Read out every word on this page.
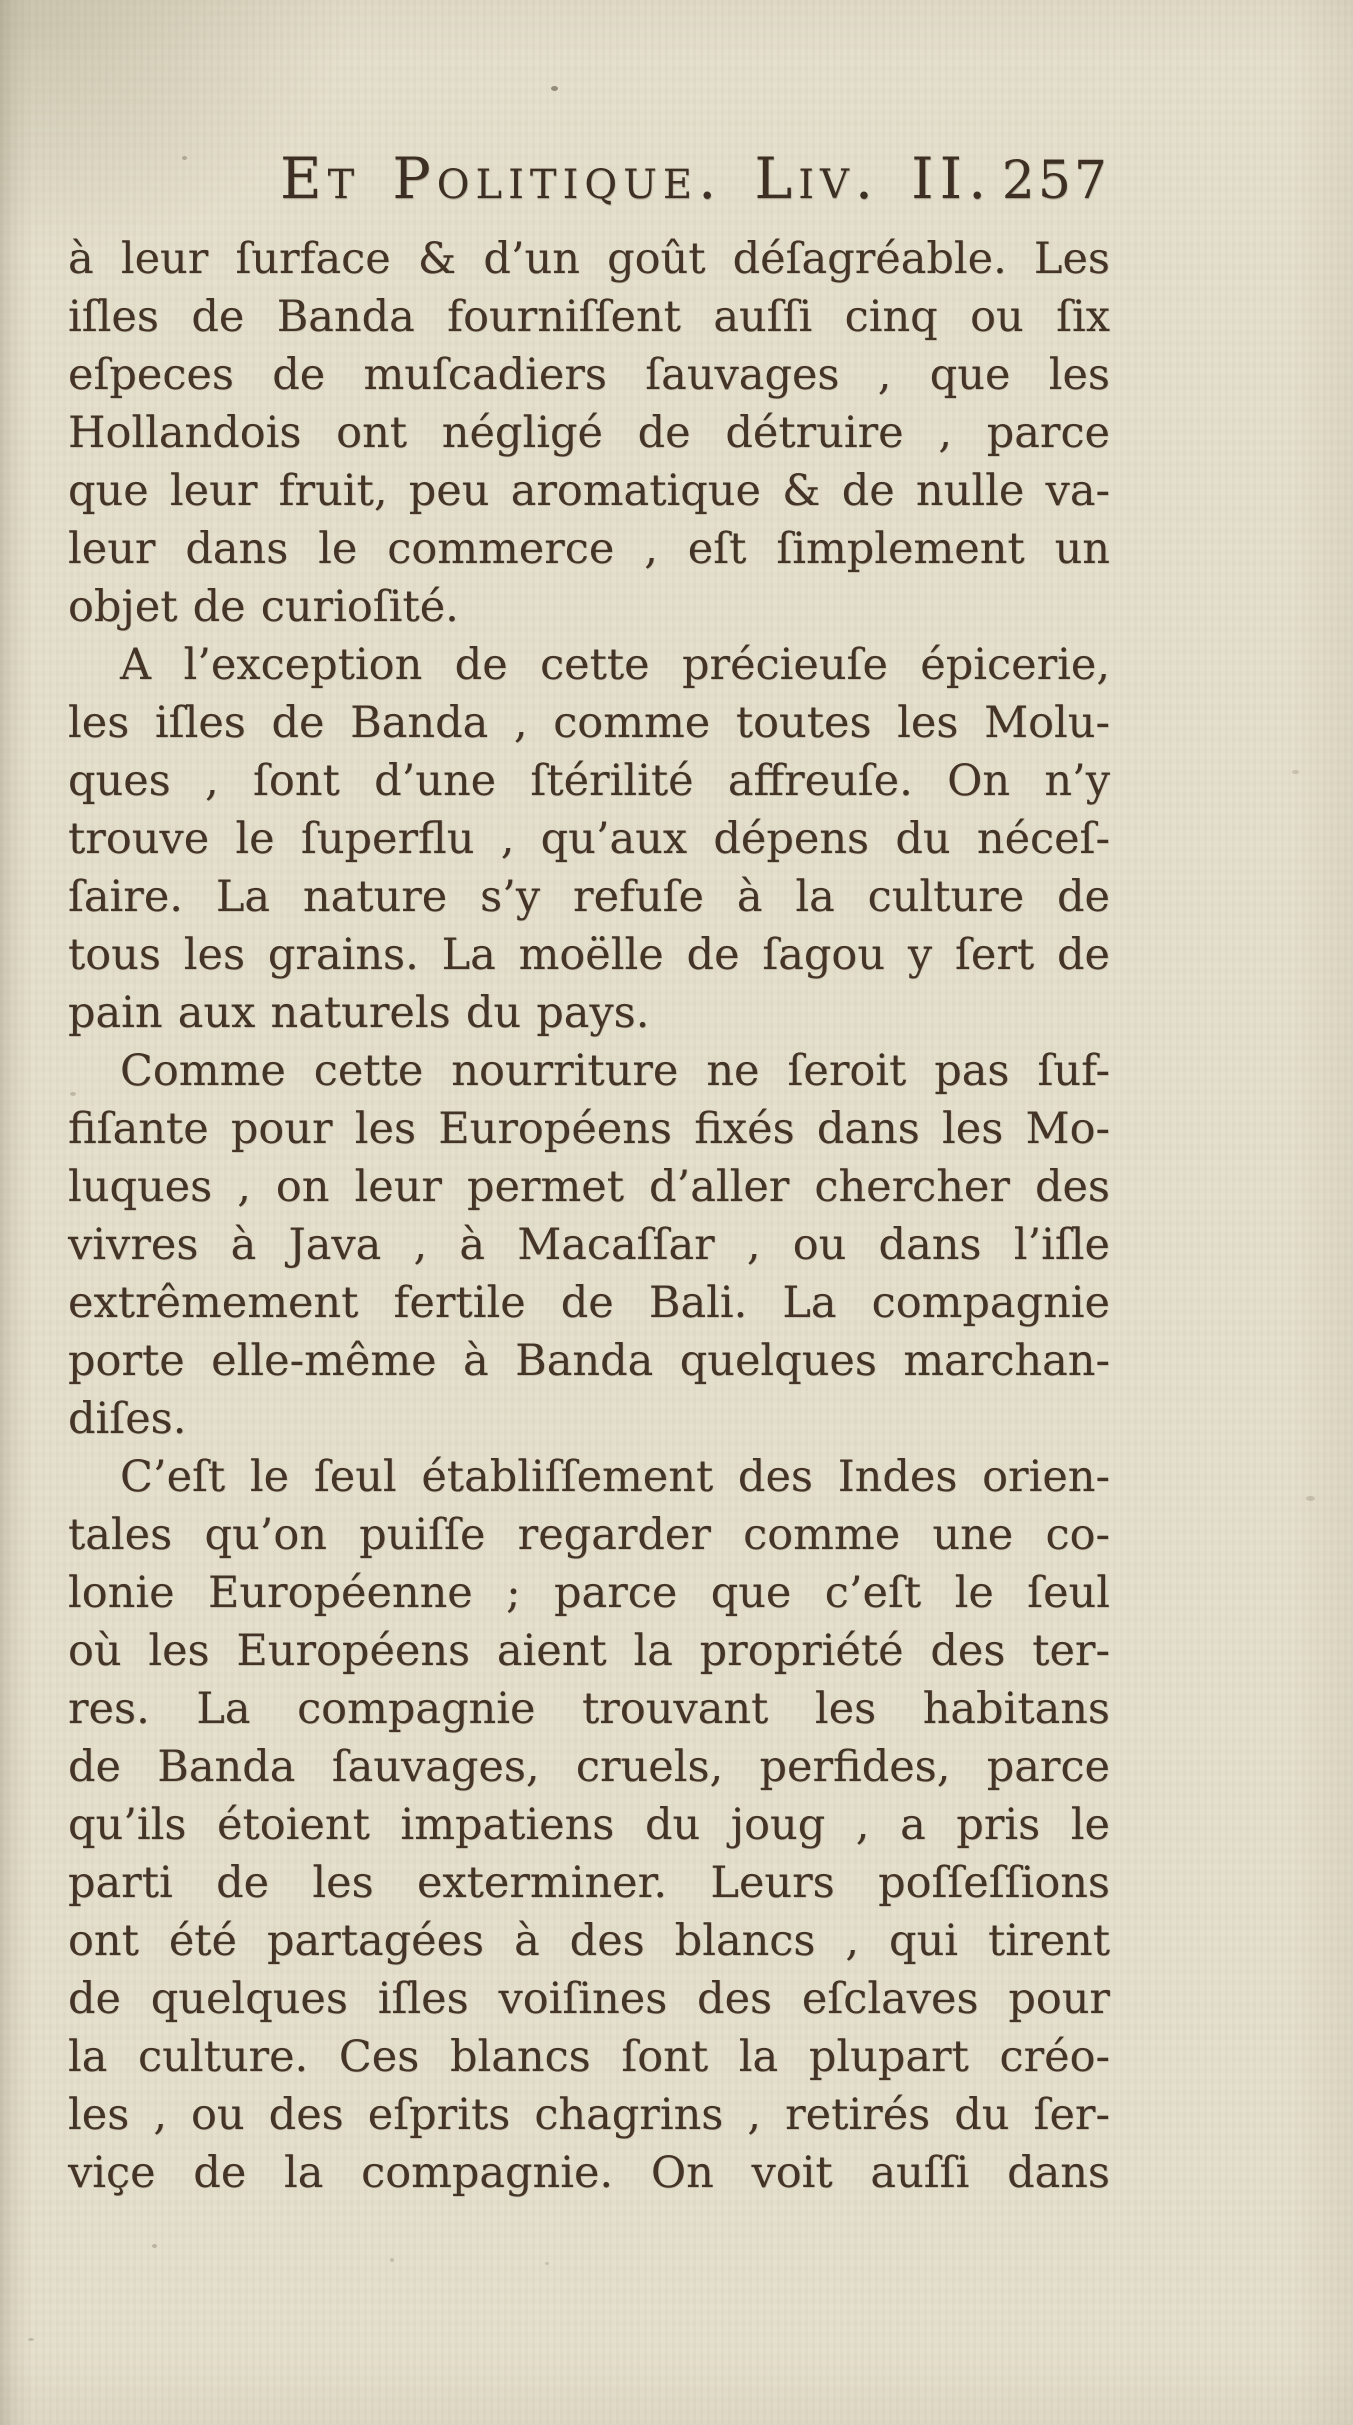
Et Politique. Liv. II. 257
à leur ſurface & d’un goût déſagréable. Les
iſles de Banda fourniſſent auſſi cinq ou ſix
eſpeces de muſcadiers ſauvages , que les
Hollandois ont négligé de détruire , parce
que leur fruit, peu aromatique & de nulle va-
leur dans le commerce , eſt ſimplement un
objet de curioſité.
A l’exception de cette précieuſe épicerie,
les iſles de Banda , comme toutes les Molu-
ques , ſont d’une ſtérilité affreuſe. On n’y
trouve le ſuperflu , qu’aux dépens du néceſ-
ſaire. La nature s’y refuſe à la culture de
tous les grains. La moëlle de ſagou y ſert de
pain aux naturels du pays.
Comme cette nourriture ne ſeroit pas ſuf-
fiſante pour les Européens fixés dans les Mo-
luques , on leur permet d’aller chercher des
vivres à Java , à Macaſſar , ou dans l’iſle
extrêmement fertile de Bali. La compagnie
porte elle-même à Banda quelques marchan-
diſes.
C’eſt le ſeul établiſſement des Indes orien-
tales qu’on puiſſe regarder comme une co-
lonie Européenne ; parce que c’eſt le ſeul
où les Européens aient la propriété des ter-
res. La compagnie trouvant les habitans
de Banda ſauvages, cruels, perfides, parce
qu’ils étoient impatiens du joug , a pris le
parti de les exterminer. Leurs poſſeſſions
ont été partagées à des blancs , qui tirent
de quelques iſles voiſines des eſclaves pour
la culture. Ces blancs ſont la plupart créo-
les , ou des eſprits chagrins , retirés du ſer-
viçe de la compagnie. On voit auſſi dans
